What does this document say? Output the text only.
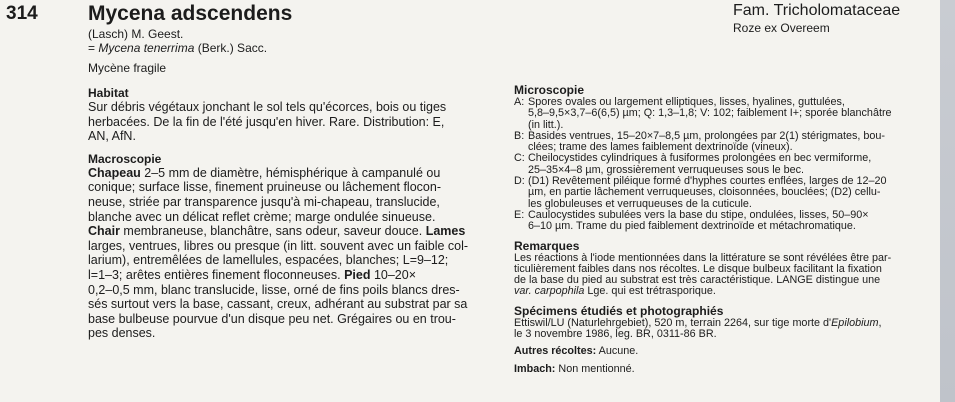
314 Mycena adscendens	Fam. Tricholomataceae
Roze ex Overeem
(Lasch) M. Geest.
= Mycena tenerrima (Berk.) Sacc.
Mycène fragile
Habitat
Sur débris végétaux jonchant le sol tels qu'écorces, bois ou tiges
herbacées. De la fin de l'été jusqu'en hiver. Rare. Distribution: E,
AN, AfN.
Macroscopie
Chapeau 2–5 mm de diamètre, hémisphérique à campanulé ou
conique; surface lisse, finement pruineuse ou lâchement flocon-
neuse, striée par transparence jusqu'à mi-chapeau, translucide,
blanche avec un délicat reflet crème; marge ondulée sinueuse.
Chair membraneuse, blanchâtre, sans odeur, saveur douce. Lames
larges, ventrues, libres ou presque (in litt. souvent avec un faible col-
larium), entremêlées de lamellules, espacées, blanches; L=9–12;
l=1–3; arêtes entières finement floconneuses. Pied 10–20×
0,2–0,5 mm, blanc translucide, lisse, orné de fins poils blancs dres-
sés surtout vers la base, cassant, creux, adhérant au substrat par sa
base bulbeuse pourvue d'un disque peu net. Grégaires ou en trou-
pes denses.
Microscopie
A: Spores ovales ou largement elliptiques, lisses, hyalines, guttulées,
5,8–9,5×3,7–6(6,5) µm; Q: 1,3–1,8; V: 102; faiblement I+; sporée blanchâtre
(in litt.).
B: Basides ventrues, 15–20×7–8,5 µm, prolongées par 2(1) stérigmates, bou-
clées; trame des lames faiblement dextrinoïde (vineux).
C: Cheilocystides cylindriques à fusiformes prolongées en bec vermiforme,
25–35×4–8 µm, grossièrement verruqueuses sous le bec.
D: (D1) Revêtement piléique formé d'hyphes courtes enflées, larges de 12–20
µm, en partie lâchement verruqueuses, cloisonnées, bouclées; (D2) cellu-
les globuleuses et verruqueuses de la cuticule.
E: Caulocystides subulées vers la base du stipe, ondulées, lisses, 50–90×
6–10 µm. Trame du pied faiblement dextrinoïde et métachromatique.
Remarques
Les réactions à l'iode mentionnées dans la littérature se sont révélées être par-
ticulièrement faibles dans nos récoltes. Le disque bulbeux facilitant la fixation
de la base du pied au substrat est très caractéristique. LANGE distingue une
var. carpophila Lge. qui est trétrasporique.
Spécimens étudiés et photographiés
Ettiswil/LU (Naturlehrgebiet), 520 m, terrain 2264, sur tige morte d'Epilobium,
le 3 novembre 1986, leg. BR, 0311-86 BR.
Autres récoltes: Aucune.
Imbach: Non mentionné.
